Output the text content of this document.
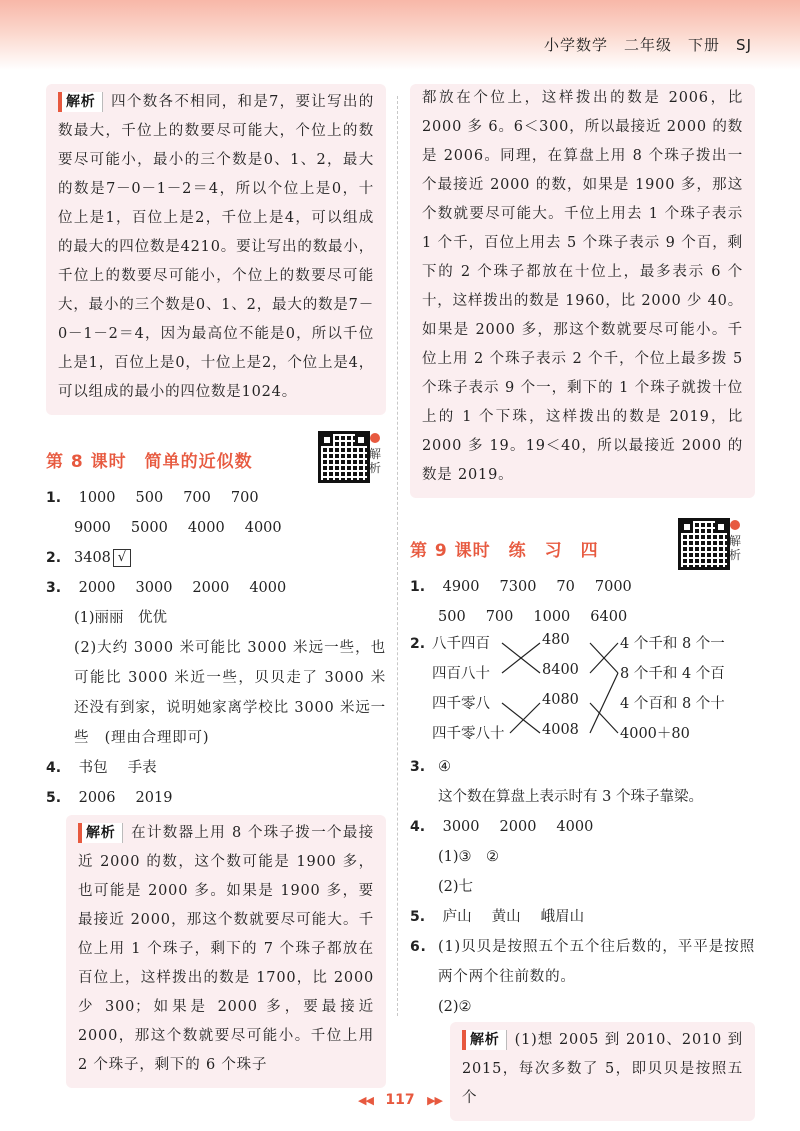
小学数学　二年级　下册　SJ
解析 四个数各不相同，和是7，要让写出的数最大，千位上的数要尽可能大，个位上的数要尽可能小，最小的三个数是0、1、2，最大的数是7－0－1－2＝4，所以个位上是0，十位上是1，百位上是2，千位上是4，可以组成的最大的四位数是4210。要让写出的数最小，千位上的数要尽可能小，个位上的数要尽可能大，最小的三个数是0、1、2，最大的数是7－0－1－2＝4，因为最高位不能是0，所以千位上是1，百位上是0，十位上是2，个位上是4，可以组成的最小的四位数是1024。
第 8 课时　简单的近似数	解析
1. 1000 500 700 700
9000 5000 4000 4000
2. 3408 √
3. 2000 3000 2000 4000
(1)丽丽　优优
(2)大约 3000 米可能比 3000 米远一些，也可能比 3000 米近一些，贝贝走了 3000 米还没有到家，说明她家离学校比 3000 米远一些　(理由合理即可)
4. 书包 手表
5. 2006 2019
解析 在计数器上用 8 个珠子拨一个最接近 2000 的数，这个数可能是 1900 多，也可能是 2000 多。如果是 1900 多，要最接近 2000，那这个数就要尽可能大。千位上用 1 个珠子，剩下的 7 个珠子都放在百位上，这样拨出的数是 1700，比 2000 少 300；如果是 2000 多，要最接近 2000，那这个数就要尽可能小。千位上用 2 个珠子，剩下的 6 个珠子
都放在个位上，这样拨出的数是 2006，比 2000 多 6。6＜300，所以最接近 2000 的数是 2006。同理，在算盘上用 8 个珠子拨出一个最接近 2000 的数，如果是 1900 多，那这个数就要尽可能大。千位上用去 1 个珠子表示 1 个千，百位上用去 5 个珠子表示 9 个百，剩下的 2 个珠子都放在十位上，最多表示 6 个十，这样拨出的数是 1960，比 2000 少 40。如果是 2000 多，那这个数就要尽可能小。千位上用 2 个珠子表示 2 个千，个位上最多拨 5 个珠子表示 9 个一，剩下的 1 个珠子就拨十位上的 1 个下珠，这样拨出的数是 2019，比 2000 多 19。19＜40，所以最接近 2000 的数是 2019。
第 9 课时　练　习　四	解析
1. 4900 7300 70 7000
500 700 1000 6400
2. 八千四百
四百八十
四千零八
四千零八十
480
8400
4080
4008
4 个千和 8 个一
8 个千和 4 个百
4 个百和 8 个十
4000＋80
3. ④
这个数在算盘上表示时有 3 个珠子靠梁。
4. 3000 2000 4000
(1)③　②
(2)七
5. 庐山 黄山 峨眉山
6. (1)贝贝是按照五个五个往后数的，平平是按照两个两个往前数的。
(2)②
解析 (1)想 2005 到 2010、2010 到 2015，每次多数了 5，即贝贝是按照五个
◀◀ 117 ▶▶
